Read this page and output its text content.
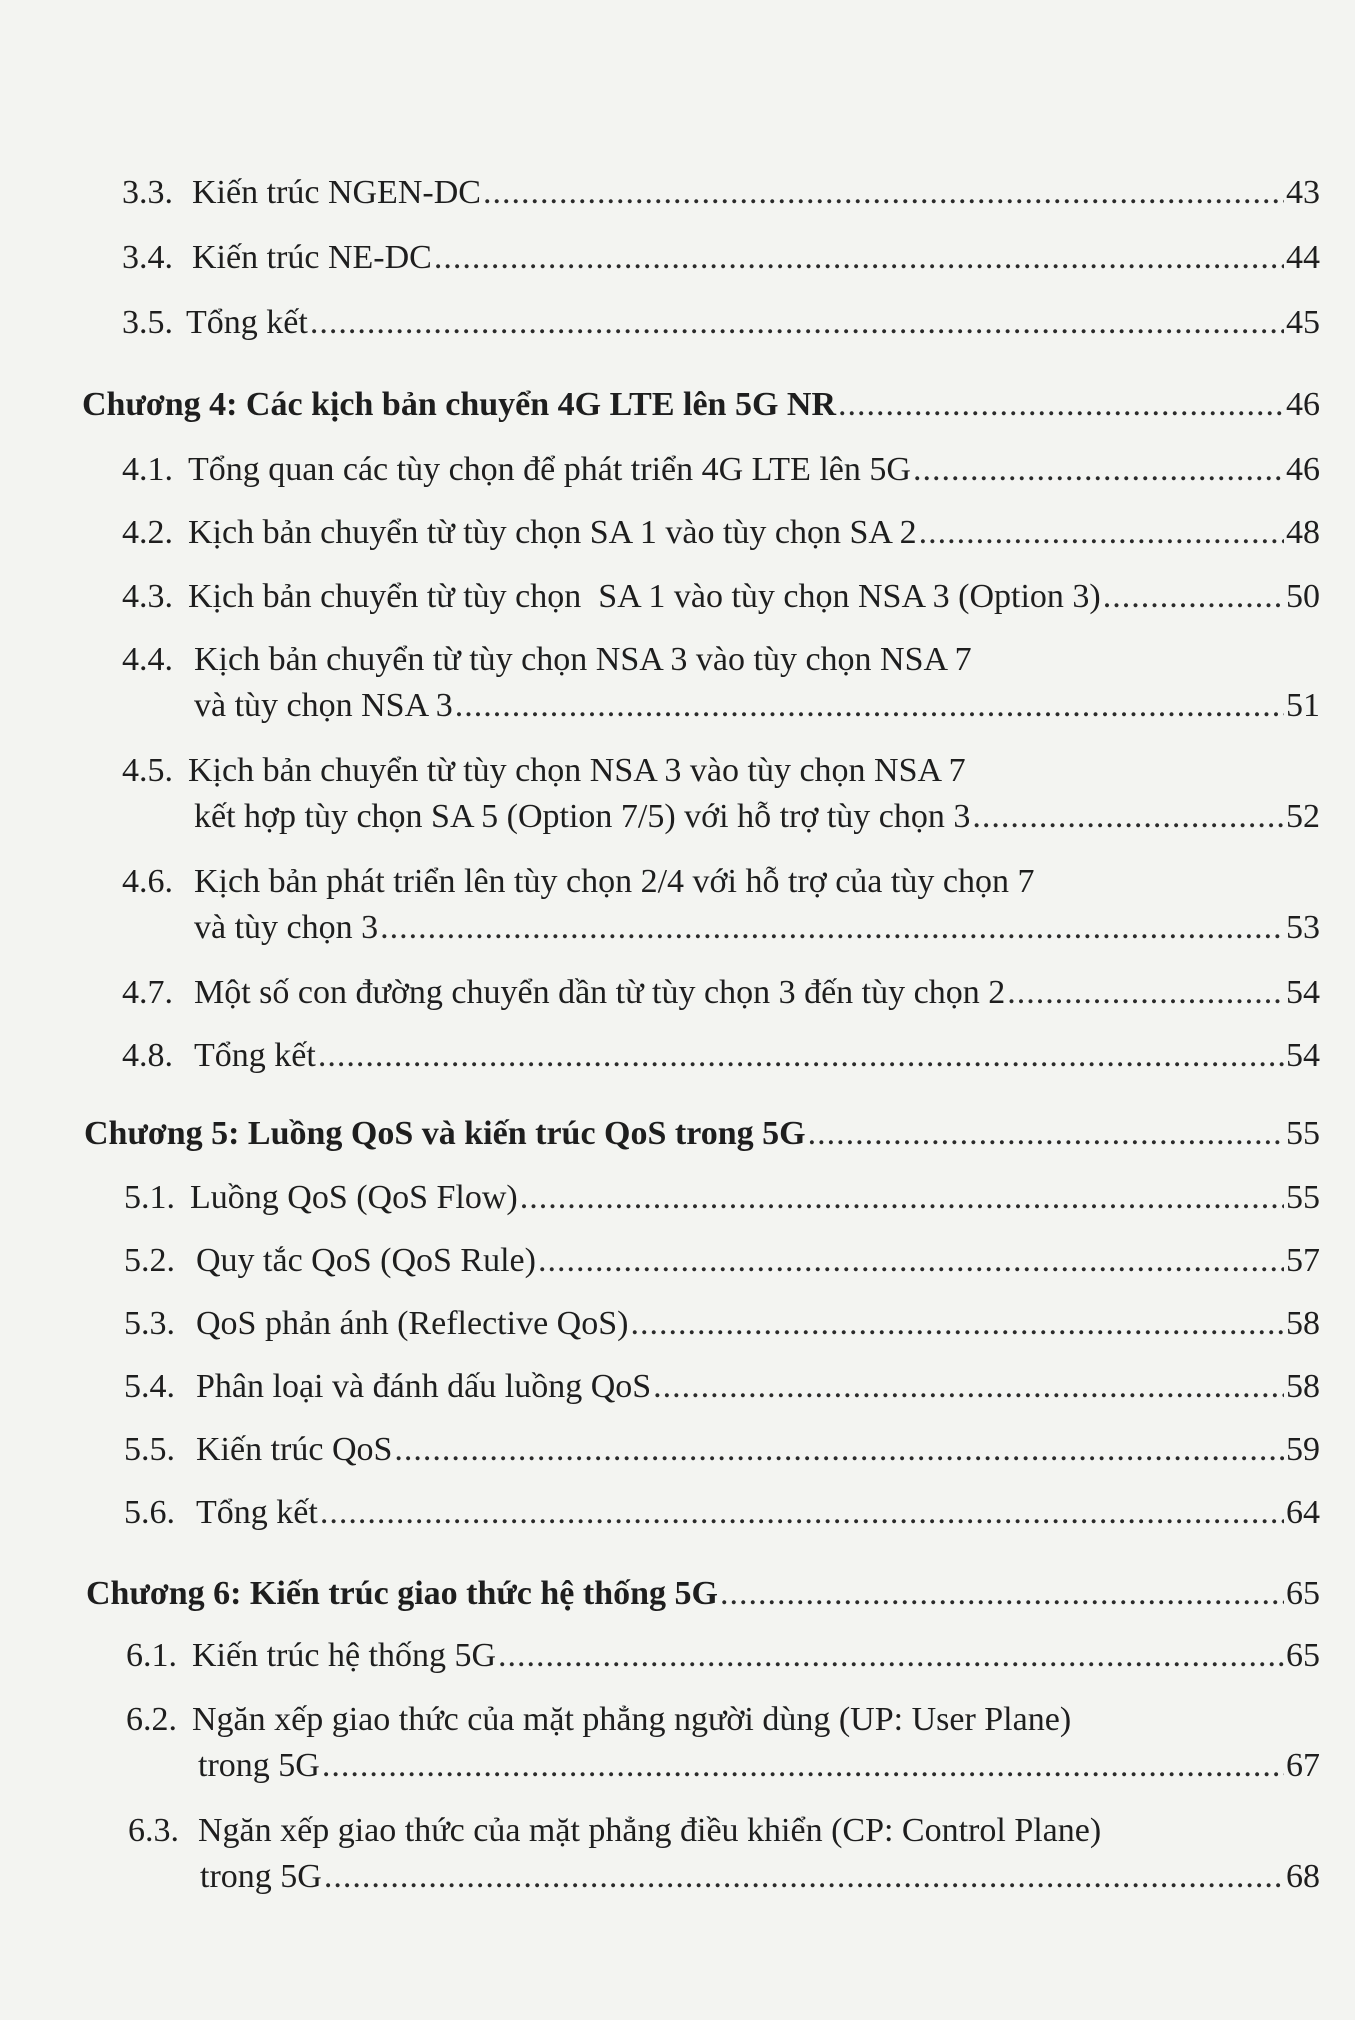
3.3. Kiến trúc NGEN-DC .....	43
3.4. Kiến trúc NE-DC .....	44
3.5. Tổng kết .....	45
Chương 4: Các kịch bản chuyển 4G LTE lên 5G NR .....	46
4.1. Tổng quan các tùy chọn để phát triển 4G LTE lên 5G .....	46
4.2. Kịch bản chuyển từ tùy chọn SA 1 vào tùy chọn SA 2 .....	48
4.3. Kịch bản chuyển từ tùy chọn  SA 1 vào tùy chọn NSA 3 (Option 3) .....	50
4.4. Kịch bản chuyển từ tùy chọn NSA 3 vào tùy chọn NSA 7
và tùy chọn NSA 3 .....	51
4.5. Kịch bản chuyển từ tùy chọn NSA 3 vào tùy chọn NSA 7
kết hợp tùy chọn SA 5 (Option 7/5) với hỗ trợ tùy chọn 3 .....	52
4.6. Kịch bản phát triển lên tùy chọn 2/4 với hỗ trợ của tùy chọn 7
và tùy chọn 3 .....	53
4.7. Một số con đường chuyển dần từ tùy chọn 3 đến tùy chọn 2 .....	54
4.8. Tổng kết .....	54
Chương 5: Luồng QoS và kiến trúc QoS trong 5G .....	55
5.1. Luồng QoS (QoS Flow) .....	55
5.2. Quy tắc QoS (QoS Rule) .....	57
5.3. QoS phản ánh (Reflective QoS) .....	58
5.4. Phân loại và đánh dấu luồng QoS .....	58
5.5. Kiến trúc QoS .....	59
5.6. Tổng kết .....	64
Chương 6: Kiến trúc giao thức hệ thống 5G .....	65
6.1. Kiến trúc hệ thống 5G .....	65
6.2. Ngăn xếp giao thức của mặt phẳng người dùng (UP: User Plane)
trong 5G .....	67
6.3. Ngăn xếp giao thức của mặt phẳng điều khiển (CP: Control Plane)
trong 5G .....	68
